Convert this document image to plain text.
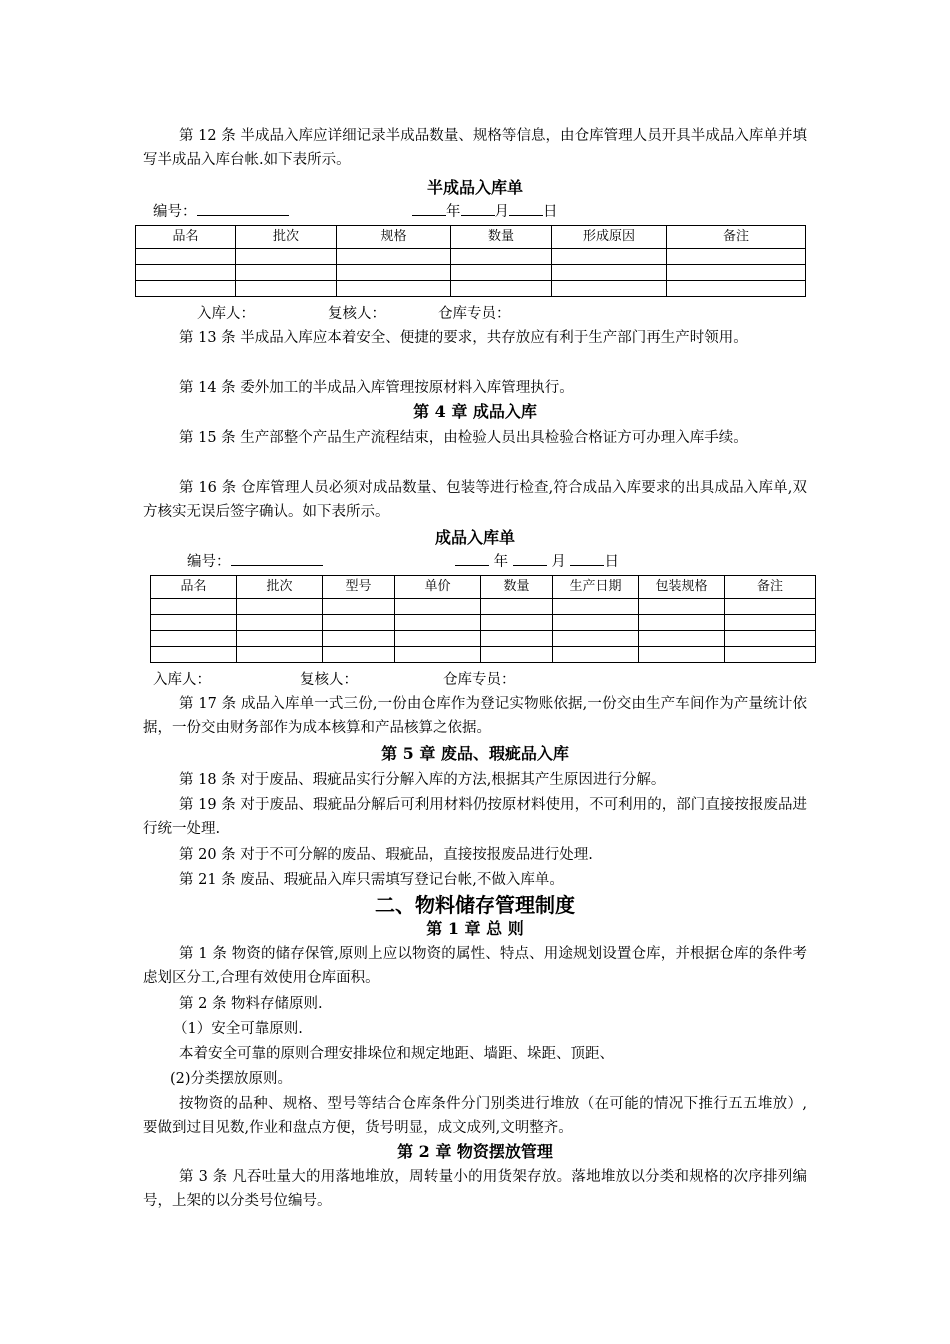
第 12 条 半成品入库应详细记录半成品数量、规格等信息，由仓库管理人员开具半成品入库单并填写半成品入库台帐.如下表所示。
半成品入库单
编号：	年 月 日
品名	批次	规格	数量	形成原因	备注

入库人：	复核人：	仓库专员：
第 13 条 半成品入库应本着安全、便捷的要求，共存放应有利于生产部门再生产时领用。
第 14 条 委外加工的半成品入库管理按原材料入库管理执行。
第 4 章 成品入库
第 15 条 生产部整个产品生产流程结束，由检验人员出具检验合格证方可办理入库手续。
第 16 条 仓库管理人员必须对成品数量、包装等进行检查,符合成品入库要求的出具成品入库单,双方核实无误后签字确认。如下表所示。
成品入库单
编号：	年	月	日
品名	批次	型号	单价	数量	生产日期	包装规格	备注

入库人：	复核人：	仓库专员：
第 17 条 成品入库单一式三份,一份由仓库作为登记实物账依据,一份交由生产车间作为产量统计依据，一份交由财务部作为成本核算和产品核算之依据。
第 5 章 废品、瑕疵品入库
第 18 条 对于废品、瑕疵品实行分解入库的方法,根据其产生原因进行分解。
第 19 条 对于废品、瑕疵品分解后可利用材料仍按原材料使用，不可利用的，部门直接按报废品进行统一处理.
第 20 条 对于不可分解的废品、瑕疵品，直接按报废品进行处理.
第 21 条 废品、瑕疵品入库只需填写登记台帐,不做入库单。
二、物料储存管理制度
第 1 章 总 则
第 1 条 物资的储存保管,原则上应以物资的属性、特点、用途规划设置仓库，并根据仓库的条件考虑划区分工,合理有效使用仓库面积。
第 2 条 物料存储原则.
（1）安全可靠原则.
本着安全可靠的原则合理安排垛位和规定地距、墙距、垛距、顶距、
(2)分类摆放原则。
按物资的品种、规格、型号等结合仓库条件分门别类进行堆放（在可能的情况下推行五五堆放）,要做到过目见数,作业和盘点方便，货号明显，成文成列,文明整齐。
第 2 章 物资摆放管理
第 3 条 凡吞吐量大的用落地堆放，周转量小的用货架存放。落地堆放以分类和规格的次序排列编号，上架的以分类号位编号。
